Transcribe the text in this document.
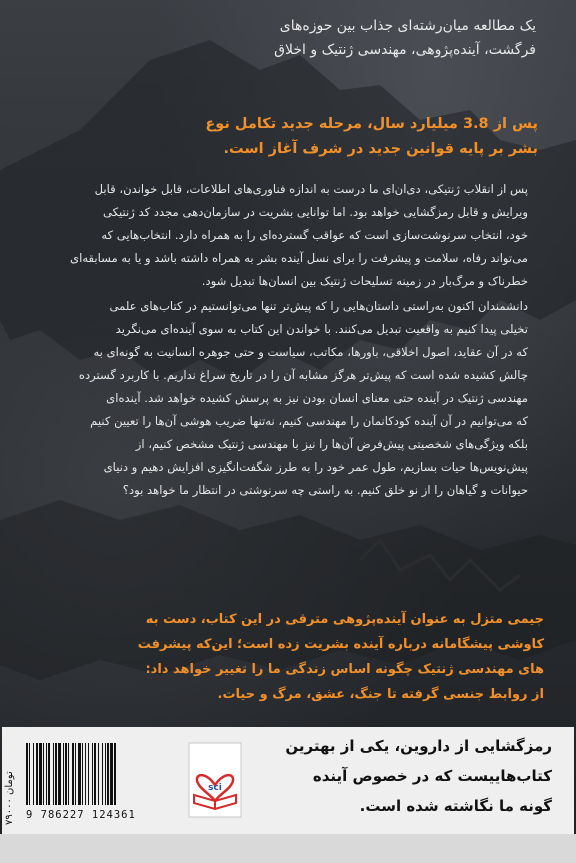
یک مطالعه میان‌رشته‌ای جذاب بین حوزه‌های

فرگشت، آینده‌پژوهی، مهندسی ژنتیک و اخلاق

پس از 3.8 میلیارد سال، مرحله جدید تکامل نوع

بشر بر پایه قوانین جدید در شرف آغاز است.

پس از انقلاب ژنتیکی، دی‌ان‌ای ما درست به اندازه فناوری‌های اطلاعات، قابل خواندن، قابل

ویرایش و قابل رمزگشایی خواهد بود. اما توانایی بشریت در سازمان‌دهی مجدد کد ژنتیکی

خود، انتخاب سرنوشت‌سازی است که عواقب گسترده‌ای را به همراه دارد. انتخاب‌هایی که

می‌تواند رفاه، سلامت و پیشرفت را برای نسل آینده بشر به همراه داشته باشد و یا به مسابقه‌ای

خطرناک و مرگ‌بار در زمینه تسلیحات ژنتیک بین انسان‌ها تبدیل شود.

دانشمندان اکنون به‌راستی داستان‌هایی را که پیش‌تر تنها می‌توانستیم در کتاب‌های علمی

تخیلی پیدا کنیم به واقعیت تبدیل می‌کنند. با خواندن این کتاب به سوی آینده‌ای می‌نگرید

که در آن عقاید، اصول اخلاقی، باورها، مکاتب، سیاست و حتی جوهره انسانیت به گونه‌ای به

چالش کشیده شده است که پیش‌تر هرگز مشابه آن را در تاریخ سراغ نداریم. با کاربرد گسترده

مهندسی ژنتیک در آینده حتی معنای انسان بودن نیز به پرسش کشیده خواهد شد. آینده‌ای

که می‌توانیم در آن آینده کودکانمان را مهندسی کنیم، نه‌تنها ضریب هوشی آن‌ها را تعیین کنیم

بلکه ویژگی‌های شخصیتی پیش‌فرض آن‌ها را نیز با مهندسی ژنتیک مشخص کنیم، از

پیش‌نویس‌ها حیات بسازیم، طول عمر خود را به طرز شگفت‌انگیزی افزایش دهیم و دنیای

حیوانات و گیاهان را از نو خلق کنیم. به راستی چه سرنوشتی در انتظار ما خواهد بود؟

جیمی متزل به عنوان آینده‌پژوهی مترقی در این کتاب، دست به

کاوشی پیشگامانه درباره آینده بشریت زده است؛ این‌که پیشرفت

های مهندسی ژنتیک چگونه اساس زندگی ما را تغییر خواهد داد:

از روابط جنسی گرفته تا جنگ، عشق، مرگ و حیات.

رمزگشایی از داروین، یکی از بهترین

کتاب‌هاییست که در خصوص آینده

گونه ما نگاشته شده است.

sci
9 786227 124361
۷۹۰۰۰ تومان
